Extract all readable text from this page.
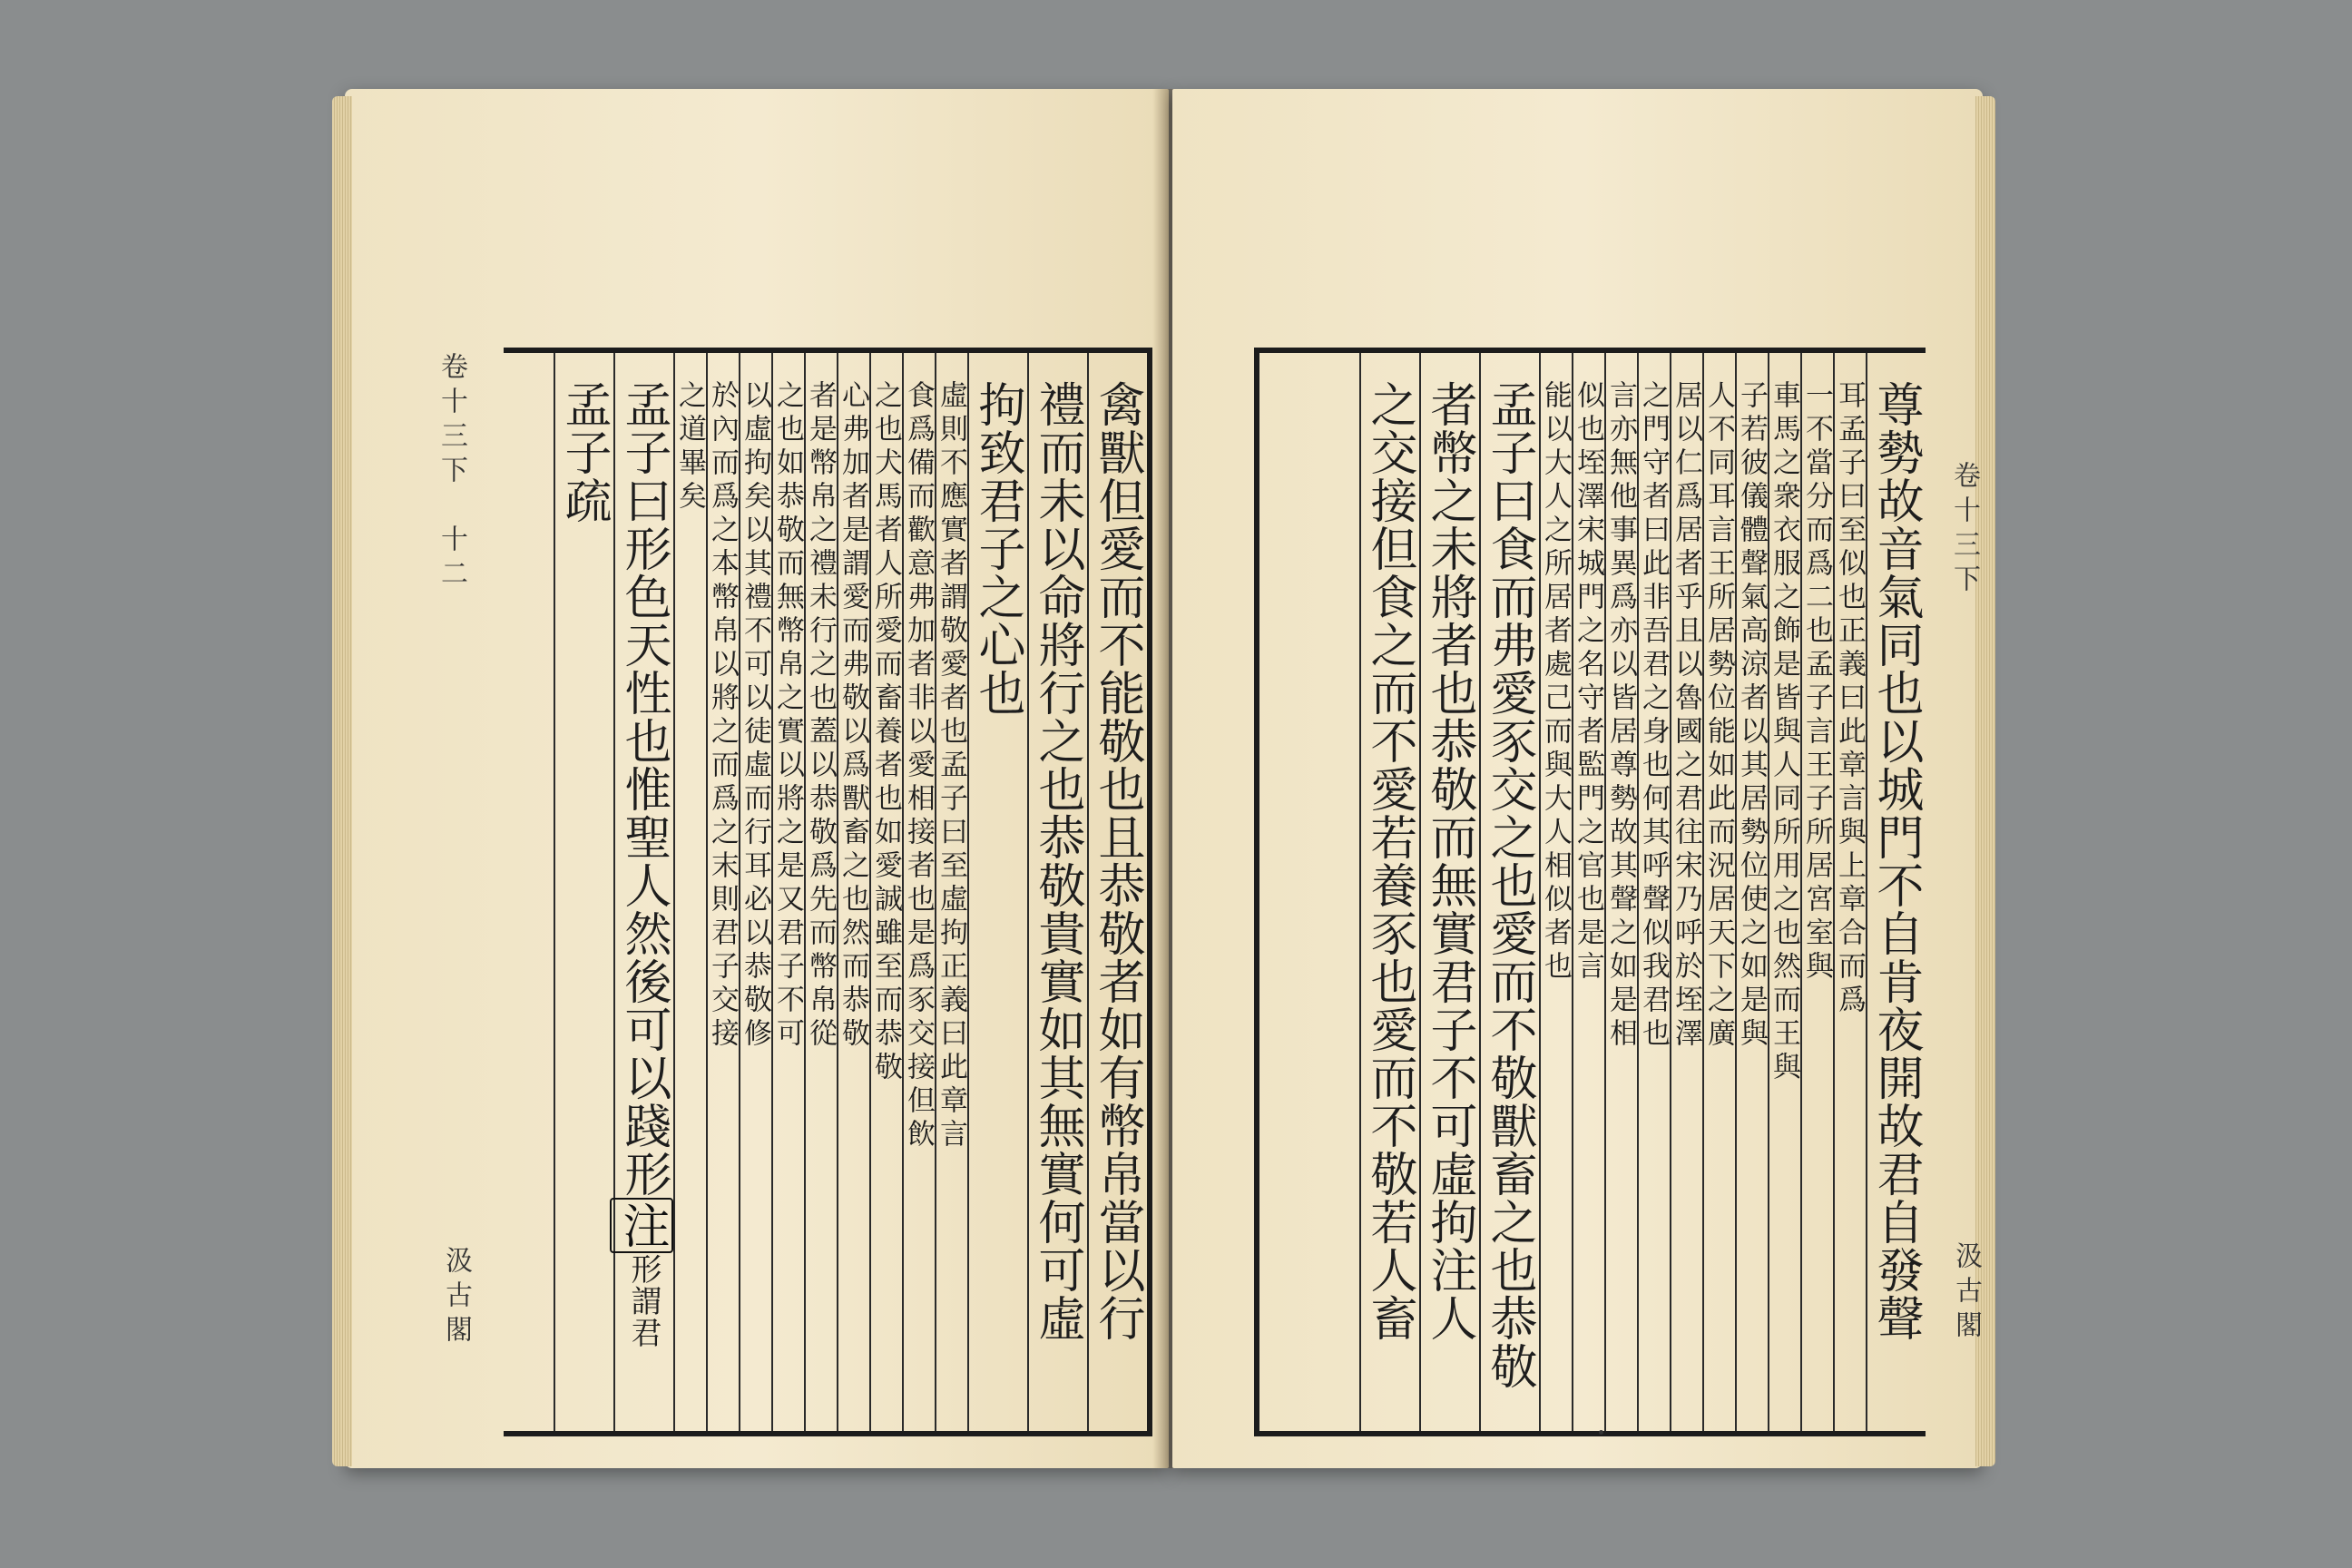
禽獸但愛而不能敬也且恭敬者如有幣帛當以行
禮而未以命將行之也恭敬貴實如其無實何可虛
拘致君子之心也
虛則不應實者謂敬愛者也孟子曰至虛拘正義曰此章言
食爲備而歡意弗加者非以愛相接者也是爲豕交接但飲
之也犬馬者人所愛而畜養者也如愛誠雖至而恭敬
心弗加者是謂愛而弗敬以爲獸畜之也然而恭敬
者是幣帛之禮未行之也蓋以恭敬爲先而幣帛從
之也如恭敬而無幣帛之實以將之是又君子不可
以虛拘矣以其禮不可以徒虛而行耳必以恭敬修
於內而爲之本幣帛以將之而爲之末則君子交接
之道畢矣
孟子曰形色天性也惟聖人然後可以踐形
注
形謂君
孟子疏
卷十三下　十二
汲古閣	尊勢故音氣同也以城門不自肯夜開故君自發聲
耳孟子曰至似也正義曰此章言與上章合而爲
一不當分而爲二也孟子言王子所居宮室與
車馬之衆衣服之飾是皆與人同所用之也然而王與
子若彼儀體聲氣高涼者以其居勢位使之如是與
人不同耳言王所居勢位能如此而況居天下之廣
居以仁爲居者乎且以魯國之君往宋乃呼於垤澤
之門守者曰此非吾君之身也何其呼聲似我君也
言亦無他事異爲亦以皆居尊勢故其聲之如是相
似也垤澤宋城門之名守者監門之官也是言
能以大人之所居者處己而與大人相似者也
孟子曰食而弗愛豕交之也愛而不敬獸畜之也恭敬
者幣之未將者也恭敬而無實君子不可虛拘注人
之交接但食之而不愛若養豕也愛而不敬若人畜	卷十三下
汲古閣
